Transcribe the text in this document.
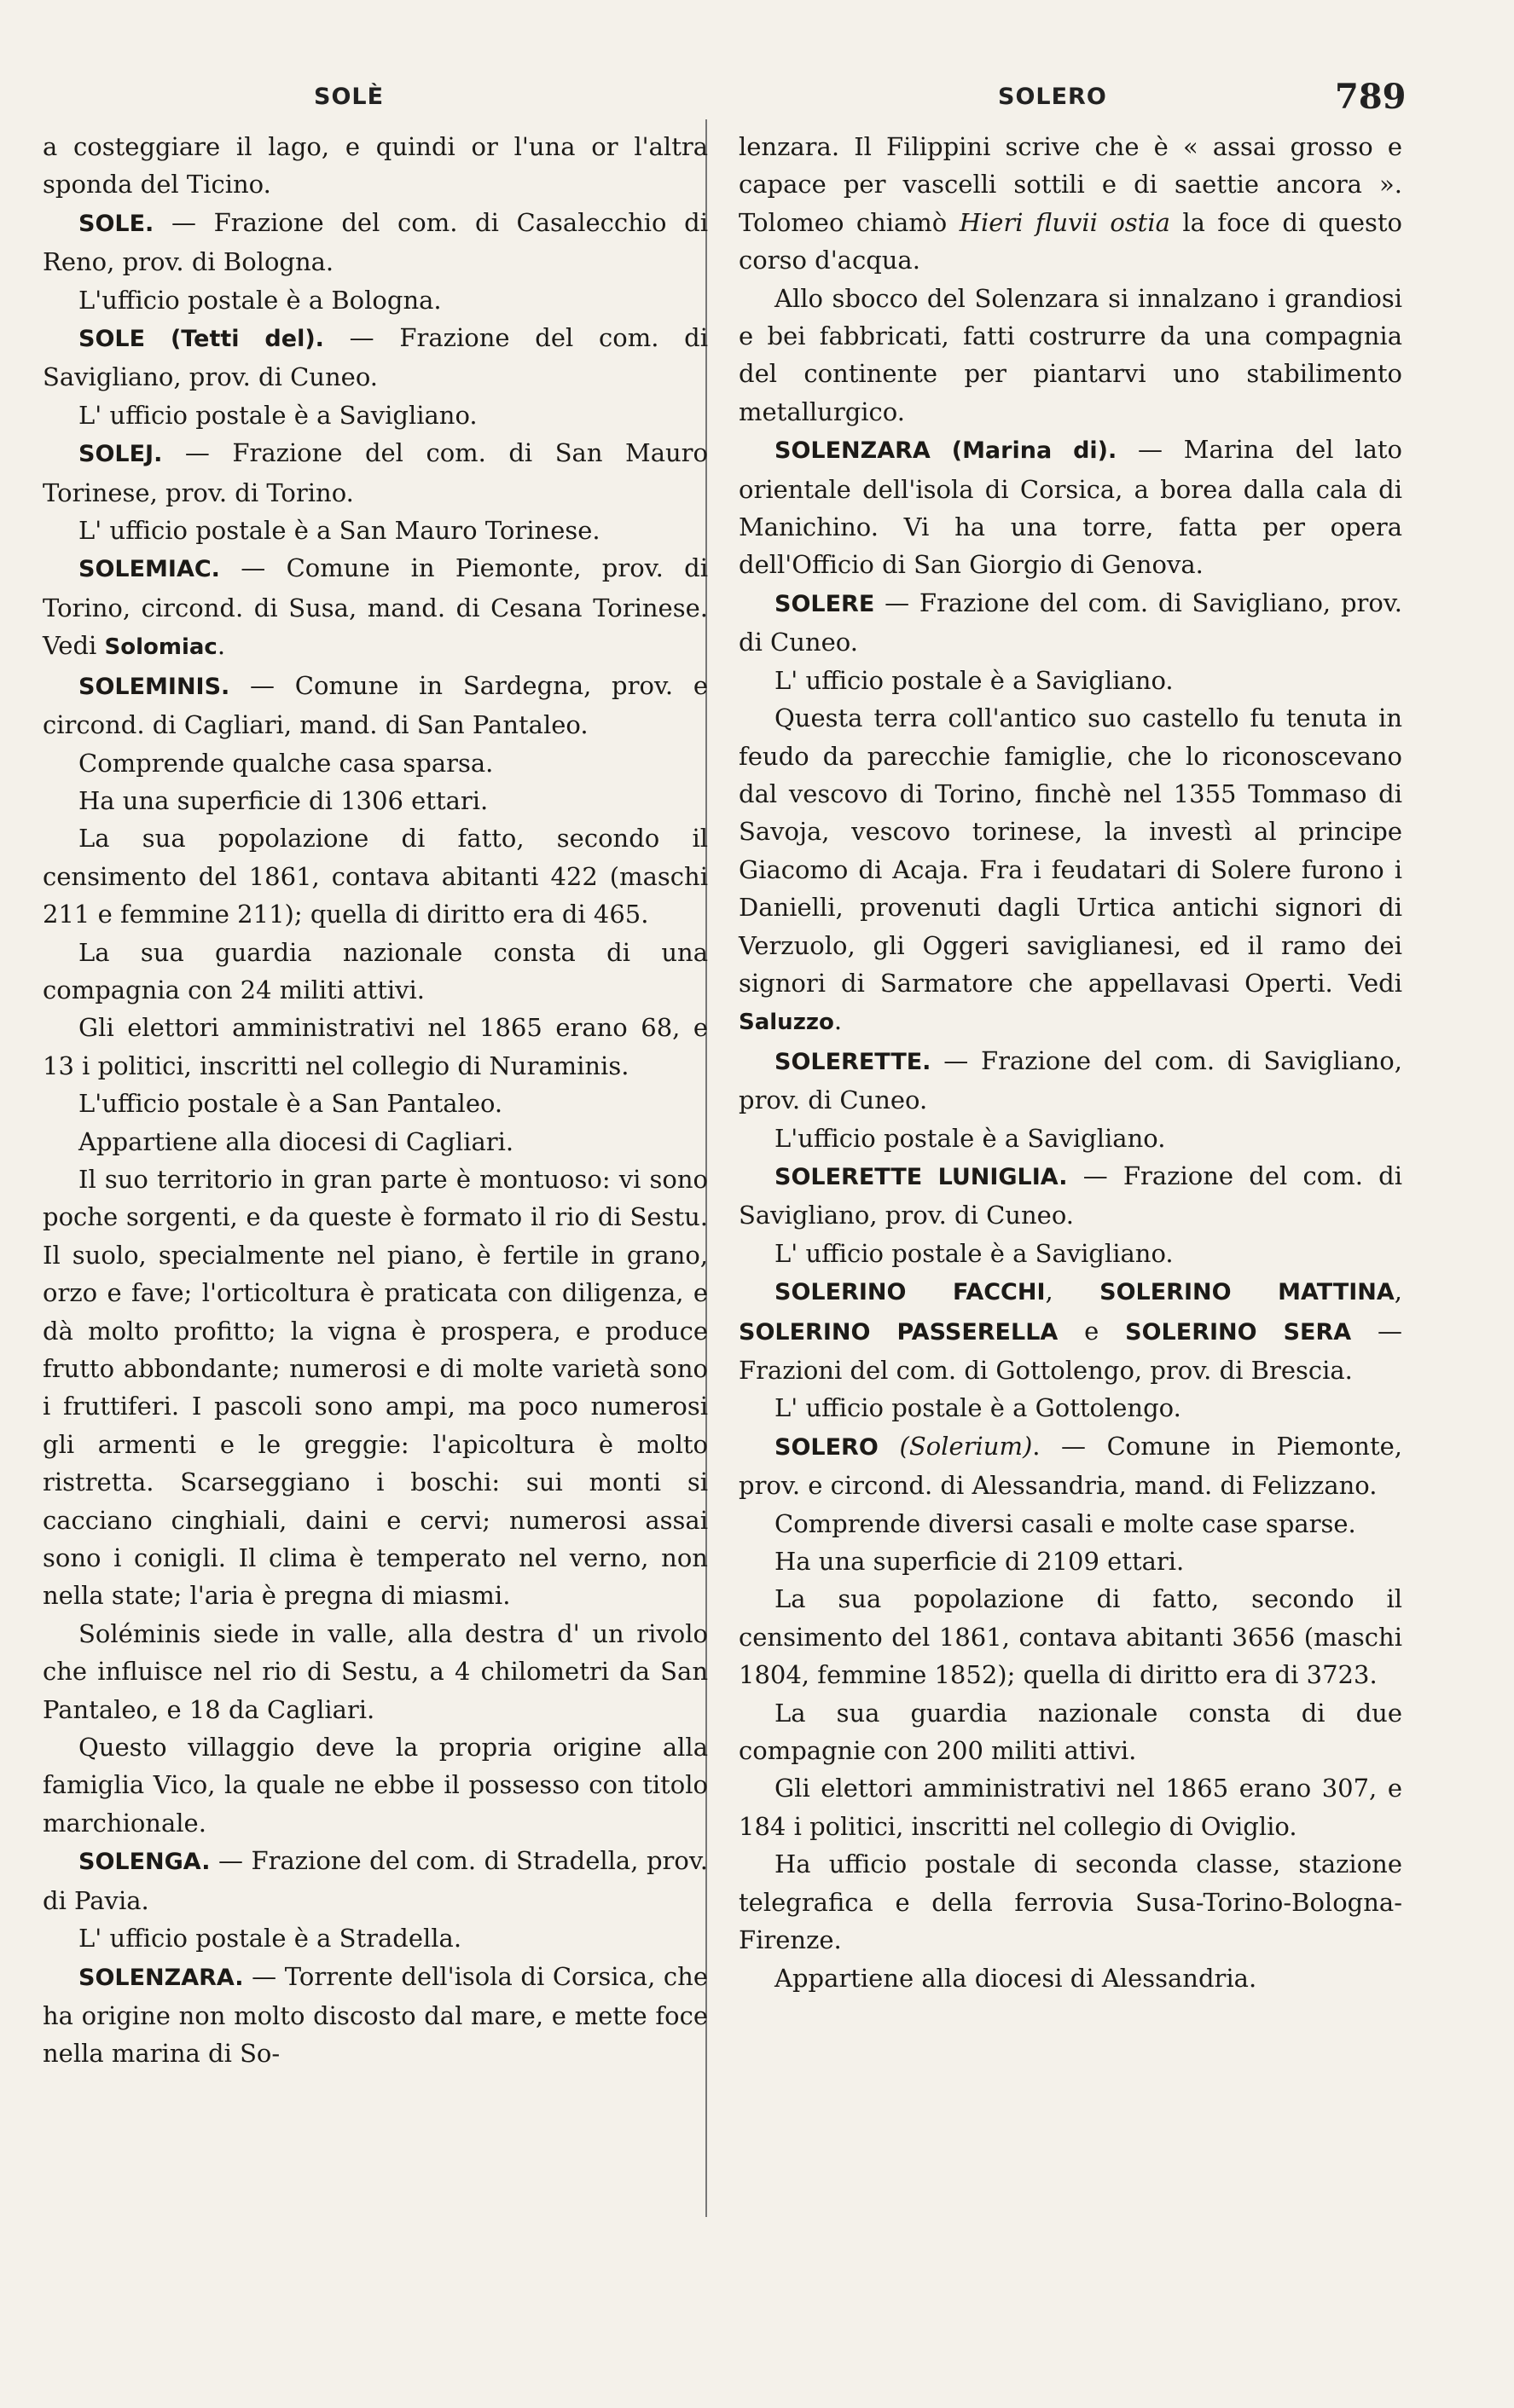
SOLÈ	SOLERO	789

a costeggiare il lago, e quindi or l'una or l'altra sponda del Ticino.

SOLE. — Frazione del com. di Casalecchio di Reno, prov. di Bologna.

L'ufficio postale è a Bologna.

SOLE (Tetti del). — Frazione del com. di Savigliano, prov. di Cuneo.

L' ufficio postale è a Savigliano.

SOLEJ. — Frazione del com. di San Mauro Torinese, prov. di Torino.

L' ufficio postale è a San Mauro Torinese.

SOLEMIAC. — Comune in Piemonte, prov. di Torino, circond. di Susa, mand. di Cesana Torinese. Vedi Solomiac.

SOLEMINIS. — Comune in Sardegna, prov. e circond. di Cagliari, mand. di San Pantaleo.

Comprende qualche casa sparsa.

Ha una superficie di 1306 ettari.

La sua popolazione di fatto, secondo il censimento del 1861, contava abitanti 422 (maschi 211 e femmine 211); quella di diritto era di 465.

La sua guardia nazionale consta di una compagnia con 24 militi attivi.

Gli elettori amministrativi nel 1865 erano 68, e 13 i politici, inscritti nel collegio di Nuraminis.

L'ufficio postale è a San Pantaleo.

Appartiene alla diocesi di Cagliari.

Il suo territorio in gran parte è montuoso: vi sono poche sorgenti, e da queste è formato il rio di Sestu. Il suolo, specialmente nel piano, è fertile in grano, orzo e fave; l'orticoltura è praticata con diligenza, e dà molto profitto; la vigna è prospera, e produce frutto abbondante; numerosi e di molte varietà sono i fruttiferi. I pascoli sono ampi, ma poco numerosi gli armenti e le greggie: l'apicoltura è molto ristretta. Scarseggiano i boschi: sui monti si cacciano cinghiali, daini e cervi; numerosi assai sono i conigli. Il clima è temperato nel verno, non nella state; l'aria è pregna di miasmi.

Soléminis siede in valle, alla destra d' un rivolo che influisce nel rio di Sestu, a 4 chilometri da San Pantaleo, e 18 da Cagliari.

Questo villaggio deve la propria origine alla famiglia Vico, la quale ne ebbe il possesso con titolo marchionale.

SOLENGA. — Frazione del com. di Stradella, prov. di Pavia.

L' ufficio postale è a Stradella.

SOLENZARA. — Torrente dell'isola di Corsica, che ha origine non molto discosto dal mare, e mette foce nella marina di So-

lenzara. Il Filippini scrive che è « assai grosso e capace per vascelli sottili e di saettie ancora ». Tolomeo chiamò Hieri fluvii ostia la foce di questo corso d'acqua.

Allo sbocco del Solenzara si innalzano i grandiosi e bei fabbricati, fatti costrurre da una compagnia del continente per piantarvi uno stabilimento metallurgico.

SOLENZARA (Marina di). — Marina del lato orientale dell'isola di Corsica, a borea dalla cala di Manichino. Vi ha una torre, fatta per opera dell'Officio di San Giorgio di Genova.

SOLERE — Frazione del com. di Savigliano, prov. di Cuneo.

L' ufficio postale è a Savigliano.

Questa terra coll'antico suo castello fu tenuta in feudo da parecchie famiglie, che lo riconoscevano dal vescovo di Torino, finchè nel 1355 Tommaso di Savoja, vescovo torinese, la investì al principe Giacomo di Acaja. Fra i feudatari di Solere furono i Danielli, provenuti dagli Urtica antichi signori di Verzuolo, gli Oggeri saviglianesi, ed il ramo dei signori di Sarmatore che appellavasi Operti. Vedi Saluzzo.

SOLERETTE. — Frazione del com. di Savigliano, prov. di Cuneo.

L'ufficio postale è a Savigliano.

SOLERETTE LUNIGLIA. — Frazione del com. di Savigliano, prov. di Cuneo.

L' ufficio postale è a Savigliano.

SOLERINO FACCHI, SOLERINO MATTINA, SOLERINO PASSERELLA e SOLERINO SERA — Frazioni del com. di Gottolengo, prov. di Brescia.

L' ufficio postale è a Gottolengo.

SOLERO (Solerium). — Comune in Piemonte, prov. e circond. di Alessandria, mand. di Felizzano.

Comprende diversi casali e molte case sparse.

Ha una superficie di 2109 ettari.

La sua popolazione di fatto, secondo il censimento del 1861, contava abitanti 3656 (maschi 1804, femmine 1852); quella di diritto era di 3723.

La sua guardia nazionale consta di due compagnie con 200 militi attivi.

Gli elettori amministrativi nel 1865 erano 307, e 184 i politici, inscritti nel collegio di Oviglio.

Ha ufficio postale di seconda classe, stazione telegrafica e della ferrovia Susa-Torino-Bologna-Firenze.

Appartiene alla diocesi di Alessandria.
